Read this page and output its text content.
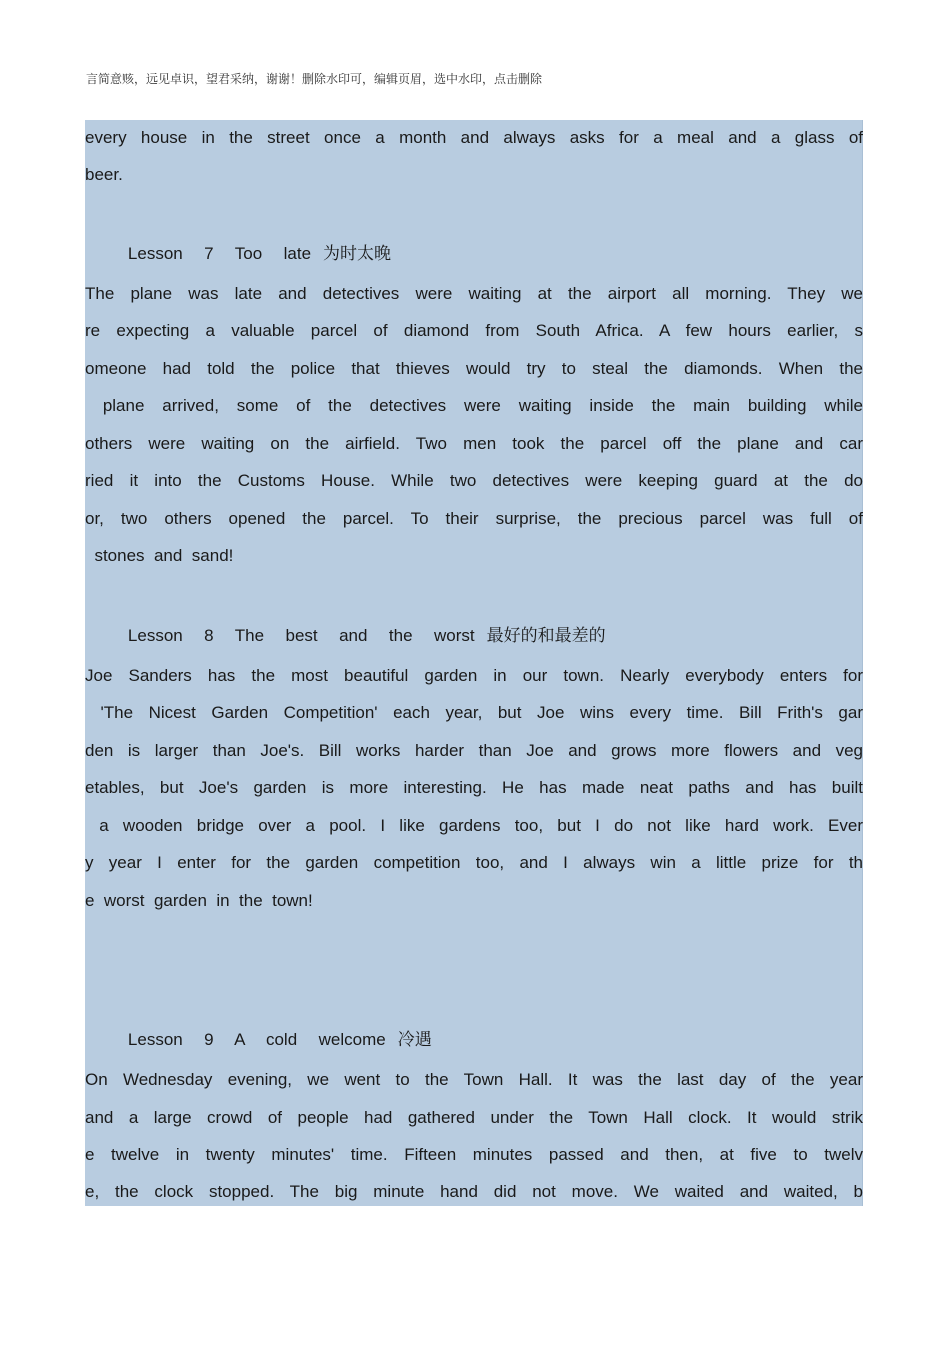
言简意赅，远见卓识，望君采纳，谢谢！删除水印可，编辑页眉，选中水印，点击删除
every  house  in  the  street  once  a  month  and  always  asks  for  a  meal  and  a  glass  of
beer.

Lesson  7  Too  late 为时太晚

The  plane  was  late  and  detectives  were  waiting  at  the  airport  all  morning.  They  we
re  expecting  a  valuable  parcel  of  diamond  from  South  Africa.  A  few  hours  earlier,  s
omeone  had  told  the  police  that  thieves  would  try  to  steal  the  diamonds.  When  the
plane  arrived,  some  of  the  detectives  were  waiting  inside  the  main  building  while
others  were  waiting  on  the  airfield.  Two  men  took  the  parcel  off  the  plane  and  car
ried  it  into  the  Customs  House.  While  two  detectives  were  keeping  guard  at  the  do
or,  two  others  opened  the  parcel.  To  their  surprise,  the  precious  parcel  was  full  of
stones  and  sand!

Lesson  8  The  best  and  the  worst 最好的和最差的

Joe  Sanders  has  the  most  beautiful  garden  in  our  town.  Nearly  everybody  enters  for
'The  Nicest  Garden  Competition'  each  year,  but  Joe  wins  every  time.  Bill  Frith's  gar
den  is  larger  than  Joe's.  Bill  works  harder  than  Joe  and  grows  more  flowers  and  veg
etables,  but  Joe's  garden  is  more  interesting.  He  has  made  neat  paths  and  has  built
a  wooden  bridge  over  a  pool.  I  like  gardens  too,  but  I  do  not  like  hard  work.  Ever
y  year  I  enter  for  the  garden  competition  too,  and  I  always  win  a  little  prize  for  th
e  worst  garden  in  the  town!

Lesson  9  A  cold  welcome 冷遇

On  Wednesday  evening,  we  went  to  the  Town  Hall.  It  was  the  last  day  of  the  year
and  a  large  crowd  of  people  had  gathered  under  the  Town  Hall  clock.  It  would  strik
e  twelve  in  twenty  minutes'  time.  Fifteen  minutes  passed  and  then,  at  five  to  twelv
e,  the  clock  stopped.  The  big  minute  hand  did  not  move.  We  waited  and  waited,  b
